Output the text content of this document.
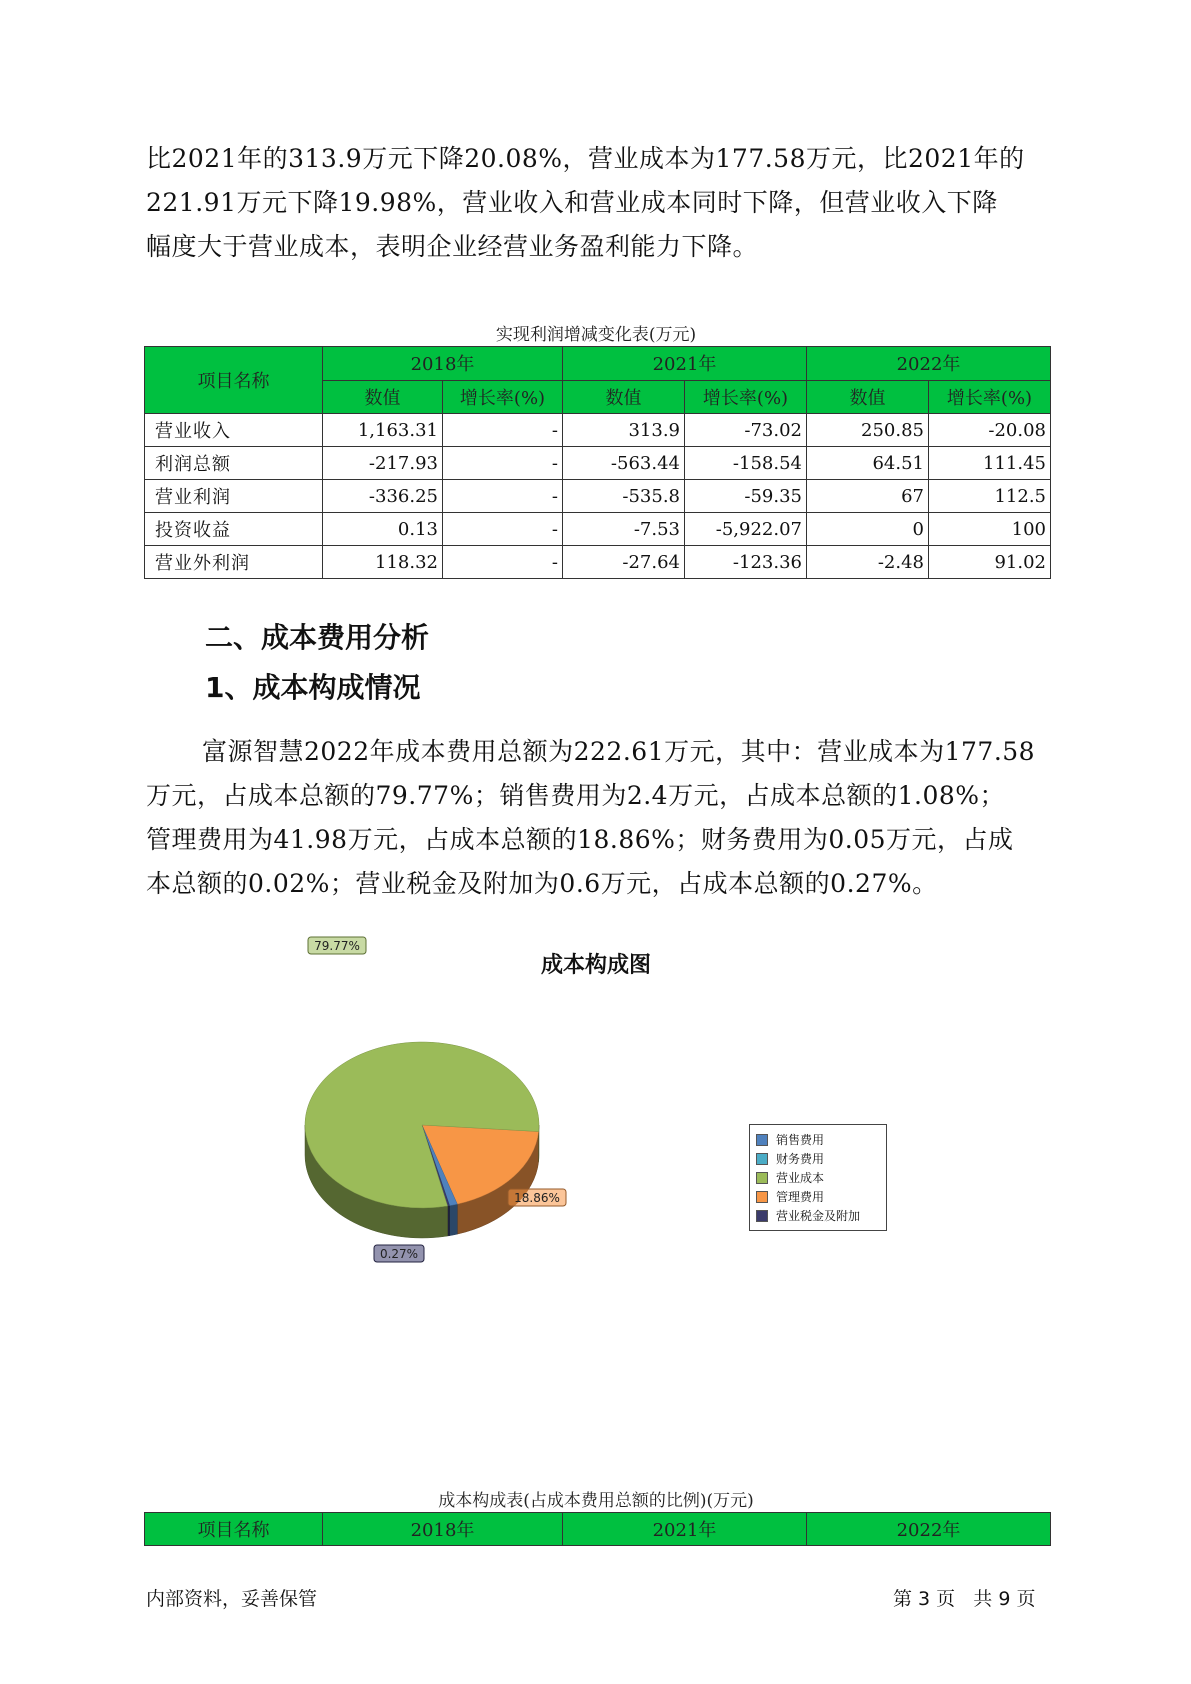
比2021年的313.9万元下降20.08%，营业成本为177.58万元，比2021年的

221.91万元下降19.98%，营业收入和营业成本同时下降，但营业收入下降

幅度大于营业成本，表明企业经营业务盈利能力下降。

实现利润增减变化表(万元)

项目名称	2018年		2021年		2022年	
	数值	增长率(%)	数值	增长率(%)	数值	增长率(%)
营业收入	1,163.31	-	313.9	-73.02	250.85	-20.08
利润总额	-217.93	-	-563.44	-158.54	64.51	111.45
营业利润	-336.25	-	-535.8	-59.35	67	112.5
投资收益	0.13	-	-7.53	-5,922.07	0	100
营业外利润	118.32	-	-27.64	-123.36	-2.48	91.02

二、成本费用分析

1、成本构成情况

富源智慧2022年成本费用总额为222.61万元，其中：营业成本为177.58

万元，占成本总额的79.77%；销售费用为2.4万元，占成本总额的1.08%；

管理费用为41.98万元，占成本总额的18.86%；财务费用为0.05万元，占成

本总额的0.02%；营业税金及附加为0.6万元，占成本总额的0.27%。

成本构成图

79.77%
18.86%
0.27%
销售费用
财务费用
营业成本
管理费用
营业税金及附加

成本构成表(占成本费用总额的比例)(万元)

项目名称	2018年	2021年	2022年

内部资料，妥善保管	第 3 页   共 9 页
